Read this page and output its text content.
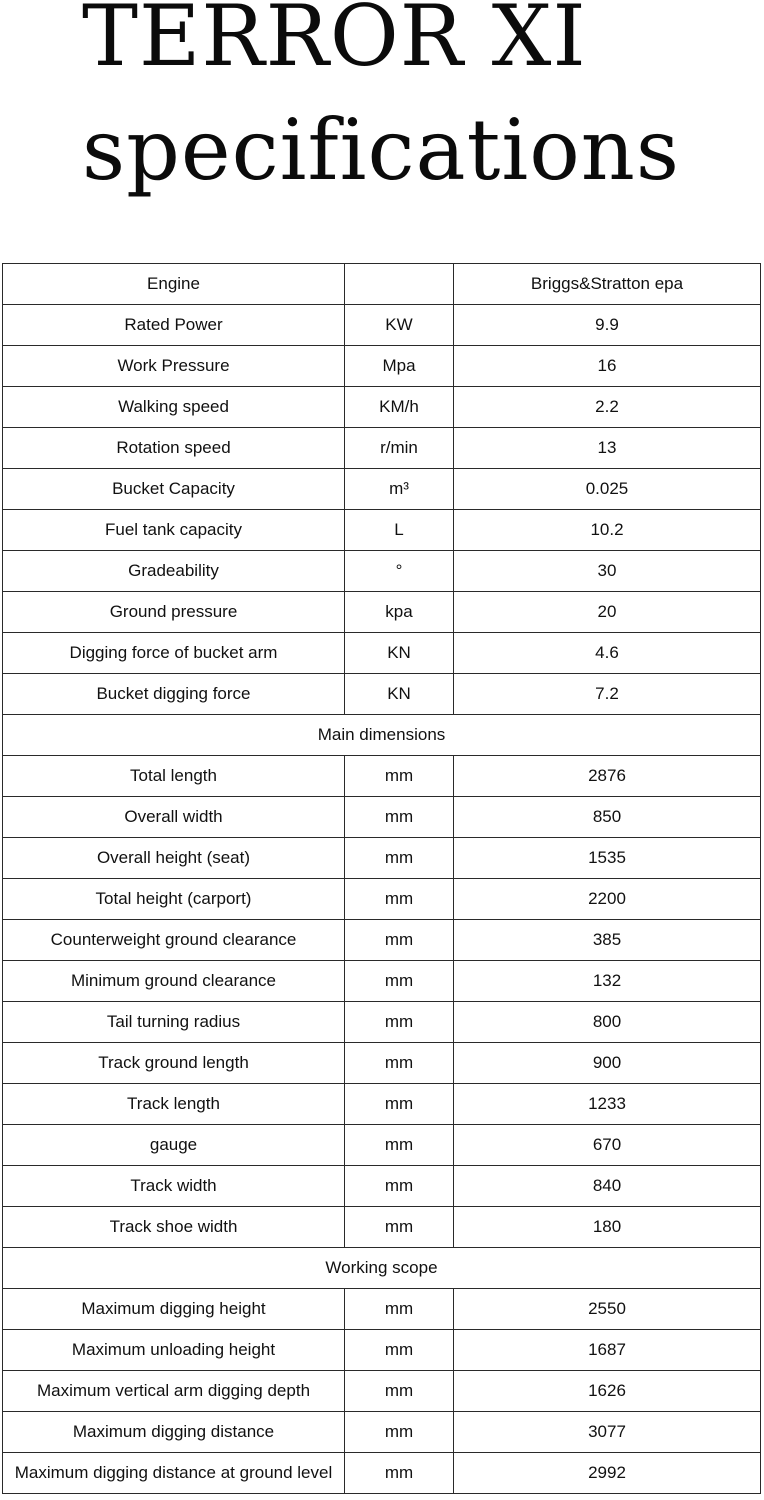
TERROR XI
specifications
Engine		Briggs&Stratton epa
Rated Power	KW	9.9
Work Pressure	Mpa	16
Walking speed	KM/h	2.2
Rotation speed	r/min	13
Bucket Capacity	m³	0.025
Fuel tank capacity	L	10.2
Gradeability	°	30
Ground pressure	kpa	20
Digging force of bucket arm	KN	4.6
Bucket digging force	KN	7.2
Main dimensions		
Total length	mm	2876
Overall width	mm	850
Overall height (seat)	mm	1535
Total height (carport)	mm	2200
Counterweight ground clearance	mm	385
Minimum ground clearance	mm	132
Tail turning radius	mm	800
Track ground length	mm	900
Track length	mm	1233
gauge	mm	670
Track width	mm	840
Track shoe width	mm	180
Working scope		
Maximum digging height	mm	2550
Maximum unloading height	mm	1687
Maximum vertical arm digging depth	mm	1626
Maximum digging distance	mm	3077
Maximum digging distance at ground level	mm	2992
